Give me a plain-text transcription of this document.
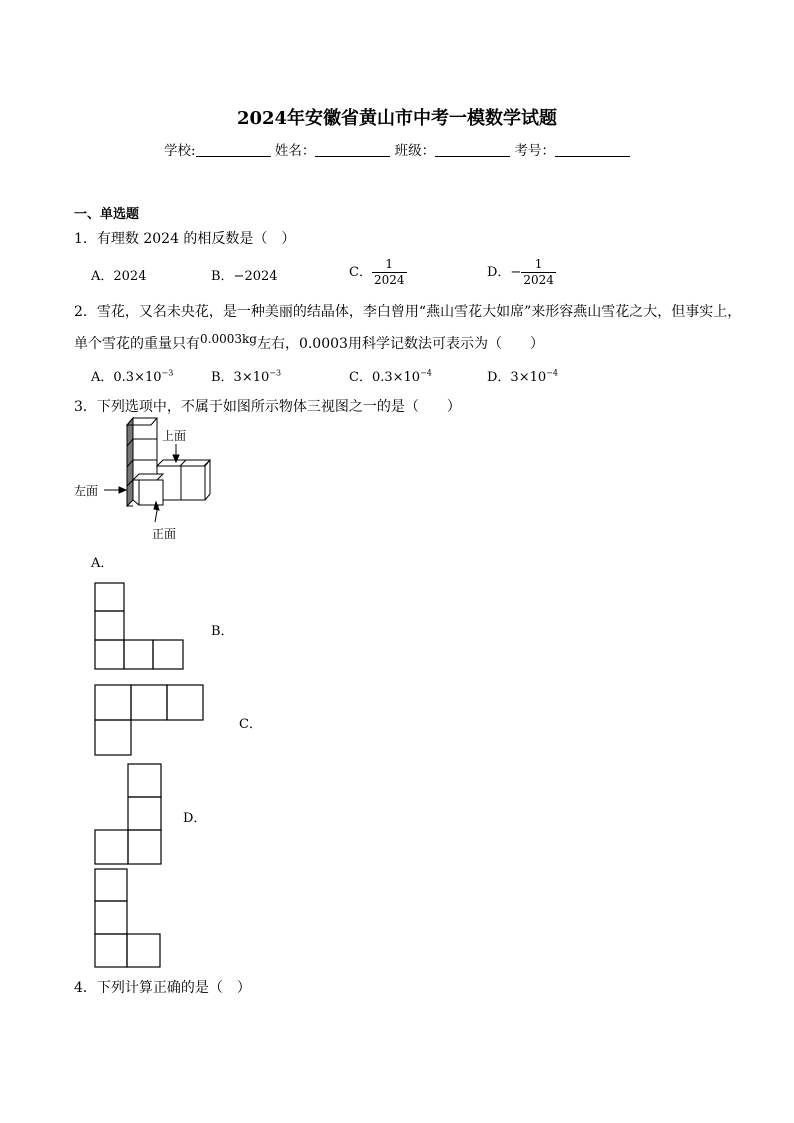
2024年安徽省黄山市中考一模数学试题
学校:	姓名：	班级：	考号：
一、单选题
1．有理数 2024 的相反数是（　）
A．2024	B．−2024	C． $\frac{1}{2024}$	D．− $\frac{1}{2024}$
2．雪花，又名未央花，是一种美丽的结晶体，李白曾用“燕山雪花大如席”来形容燕山雪花之大，但事实上，
单个雪花的重量只有0.0003kg左右，0.0003用科学记数法可表示为（　　）
A．$0.3\times 10^{-3}$	B．$3\times 10^{-3}$	C．$0.3\times 10^{-4}$	D．$3\times 10^{-4}$
3．下列选项中，不属于如图所示物体三视图之一的是（　　）
上面
左面
正面
A．
B．
C．
D．
4．下列计算正确的是（　）
